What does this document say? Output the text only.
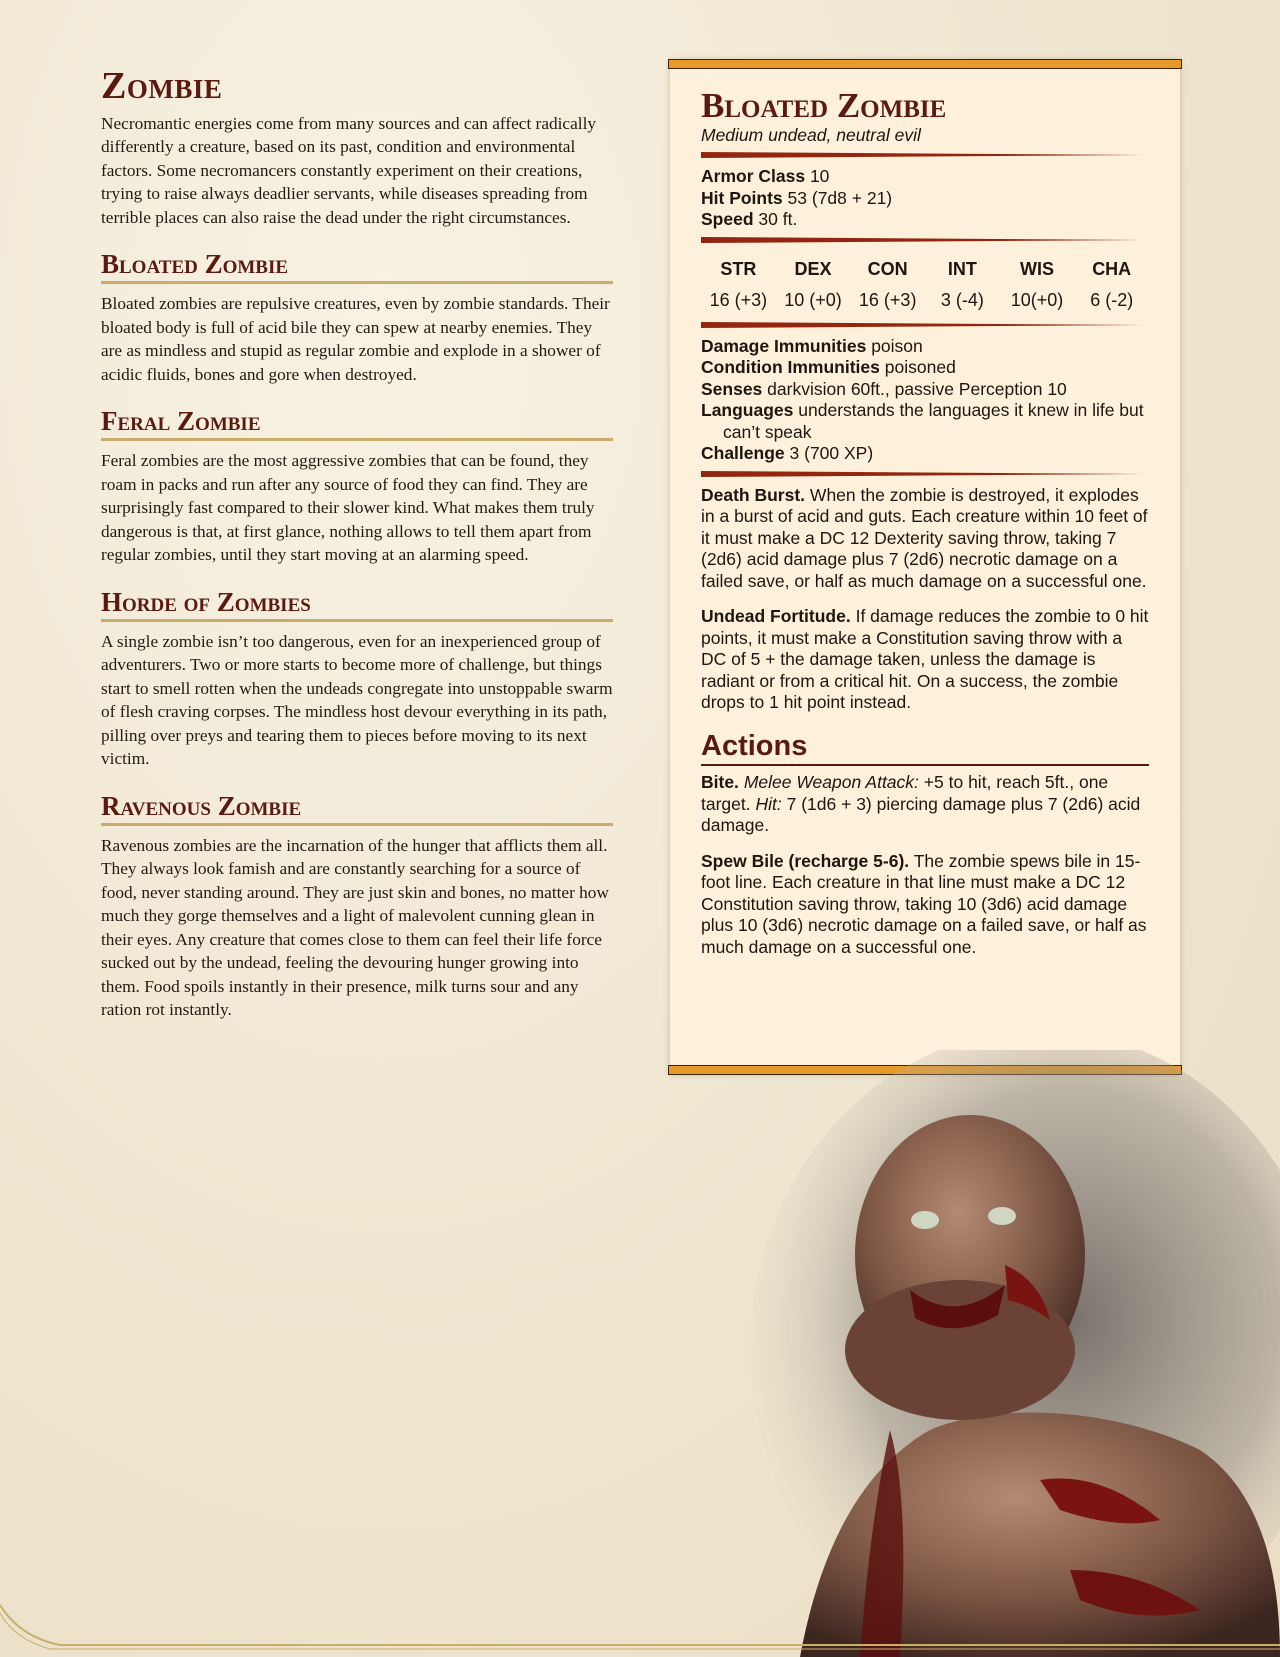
Zombie

Necromantic energies come from many sources and can affect radically differently a creature, based on its past, condition and environmental factors. Some necromancers constantly experiment on their creations, trying to raise always deadlier servants, while diseases spreading from terrible places can also raise the dead under the right circumstances.

Bloated Zombie

Bloated zombies are repulsive creatures, even by zombie standards. Their bloated body is full of acid bile they can spew at nearby enemies. They are as mindless and stupid as regular zombie and explode in a shower of acidic fluids, bones and gore when destroyed.

Feral Zombie

Feral zombies are the most aggressive zombies that can be found, they roam in packs and run after any source of food they can find. They are surprisingly fast compared to their slower kind. What makes them truly dangerous is that, at first glance, nothing allows to tell them apart from regular zombies, until they start moving at an alarming speed.

Horde of Zombies

A single zombie isn’t too dangerous, even for an inexperienced group of adventurers. Two or more starts to become more of challenge, but things start to smell rotten when the undeads congregate into unstoppable swarm of flesh craving corpses. The mindless host devour everything in its path, pilling over preys and tearing them to pieces before moving to its next victim.

Ravenous Zombie

Ravenous zombies are the incarnation of the hunger that afflicts them all. They always look famish and are constantly searching for a source of food, never standing around. They are just skin and bones, no matter how much they gorge themselves and a light of malevolent cunning glean in their eyes. Any creature that comes close to them can feel their life force sucked out by the undead, feeling the devouring hunger growing into them. Food spoils instantly in their presence, milk turns sour and any ration rot instantly.

Bloated Zombie

Medium undead, neutral evil

Armor Class 10
Hit Points 53 (7d8 + 21)
Speed 30 ft.
STR
16 (+3)
DEX
10 (+0)
CON
16 (+3)
INT
3 (-4)
WIS
10(+0)
CHA
6 (-2)
Damage Immunities poison
Condition Immunities poisoned
Senses darkvision 60ft., passive Perception 10
Languages understands the languages it knew in life but can’t speak
Challenge 3 (700 XP)

Death Burst. When the zombie is destroyed, it explodes in a burst of acid and guts. Each creature within 10 feet of it must make a DC 12 Dexterity saving throw, taking 7 (2d6) acid damage plus 7 (2d6) necrotic damage on a failed save, or half as much damage on a successful one.

Undead Fortitude. If damage reduces the zombie to 0 hit points, it must make a Constitution saving throw with a DC of 5 + the damage taken, unless the damage is radiant or from a critical hit. On a success, the zombie drops to 1 hit point instead.

Actions

Bite. Melee Weapon Attack: +5 to hit, reach 5ft., one target. Hit: 7 (1d6 + 3) piercing damage plus 7 (2d6) acid damage.

Spew Bile (recharge 5-6). The zombie spews bile in 15-foot line. Each creature in that line must make a DC 12 Constitution saving throw, taking 10 (3d6) acid damage plus 10 (3d6) necrotic damage on a failed save, or half as much damage on a successful one.
